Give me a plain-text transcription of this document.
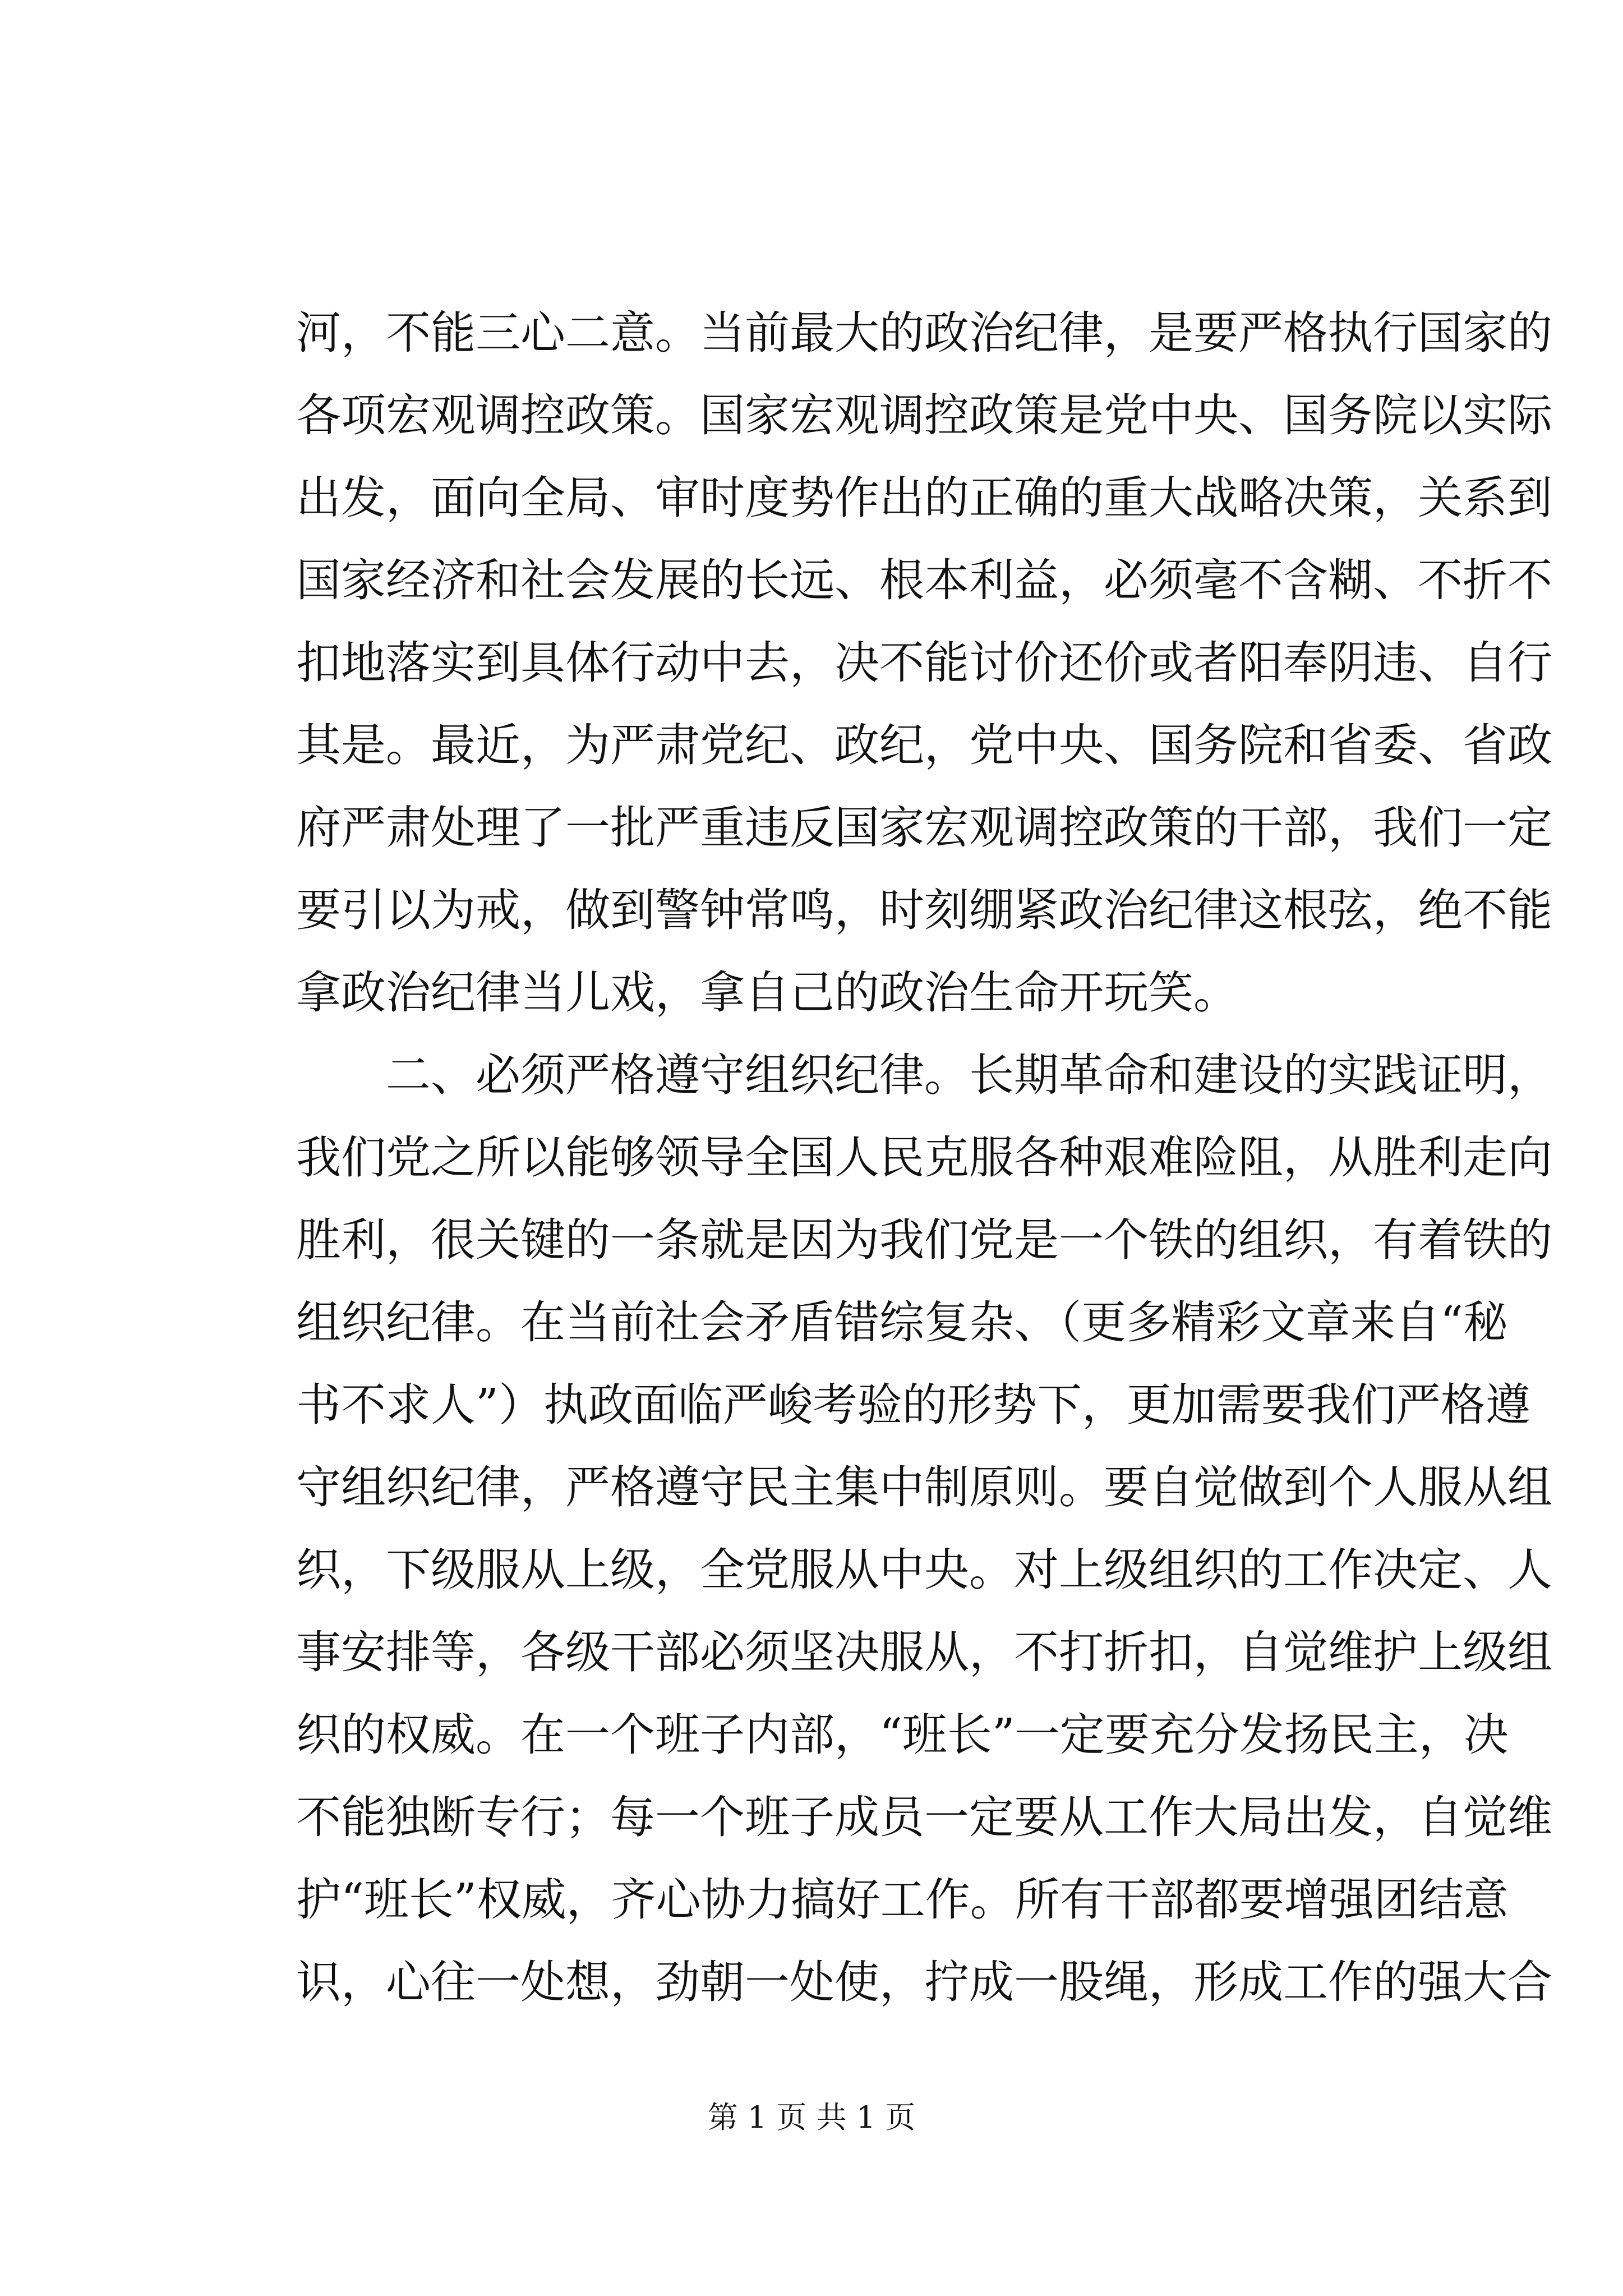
河，不能三心二意。当前最大的政治纪律，是要严格执行国家的
各项宏观调控政策。国家宏观调控政策是党中央、国务院以实际
出发，面向全局、审时度势作出的正确的重大战略决策，关系到
国家经济和社会发展的长远、根本利益，必须毫不含糊、不折不
扣地落实到具体行动中去，决不能讨价还价或者阳奉阴违、自行
其是。最近，为严肃党纪、政纪，党中央、国务院和省委、省政
府严肃处理了一批严重违反国家宏观调控政策的干部，我们一定
要引以为戒，做到警钟常鸣，时刻绷紧政治纪律这根弦，绝不能
拿政治纪律当儿戏，拿自己的政治生命开玩笑。
　　二、必须严格遵守组织纪律。长期革命和建设的实践证明，
我们党之所以能够领导全国人民克服各种艰难险阻，从胜利走向
胜利，很关键的一条就是因为我们党是一个铁的组织，有着铁的
组织纪律。在当前社会矛盾错综复杂、（更多精彩文章来自“秘
书不求人”）执政面临严峻考验的形势下，更加需要我们严格遵
守组织纪律，严格遵守民主集中制原则。要自觉做到个人服从组
织，下级服从上级，全党服从中央。对上级组织的工作决定、人
事安排等，各级干部必须坚决服从，不打折扣，自觉维护上级组
织的权威。在一个班子内部，“班长”一定要充分发扬民主，决
不能独断专行；每一个班子成员一定要从工作大局出发，自觉维
护“班长”权威，齐心协力搞好工作。所有干部都要增强团结意
识，心往一处想，劲朝一处使，拧成一股绳，形成工作的强大合
第 1 页 共 1 页
